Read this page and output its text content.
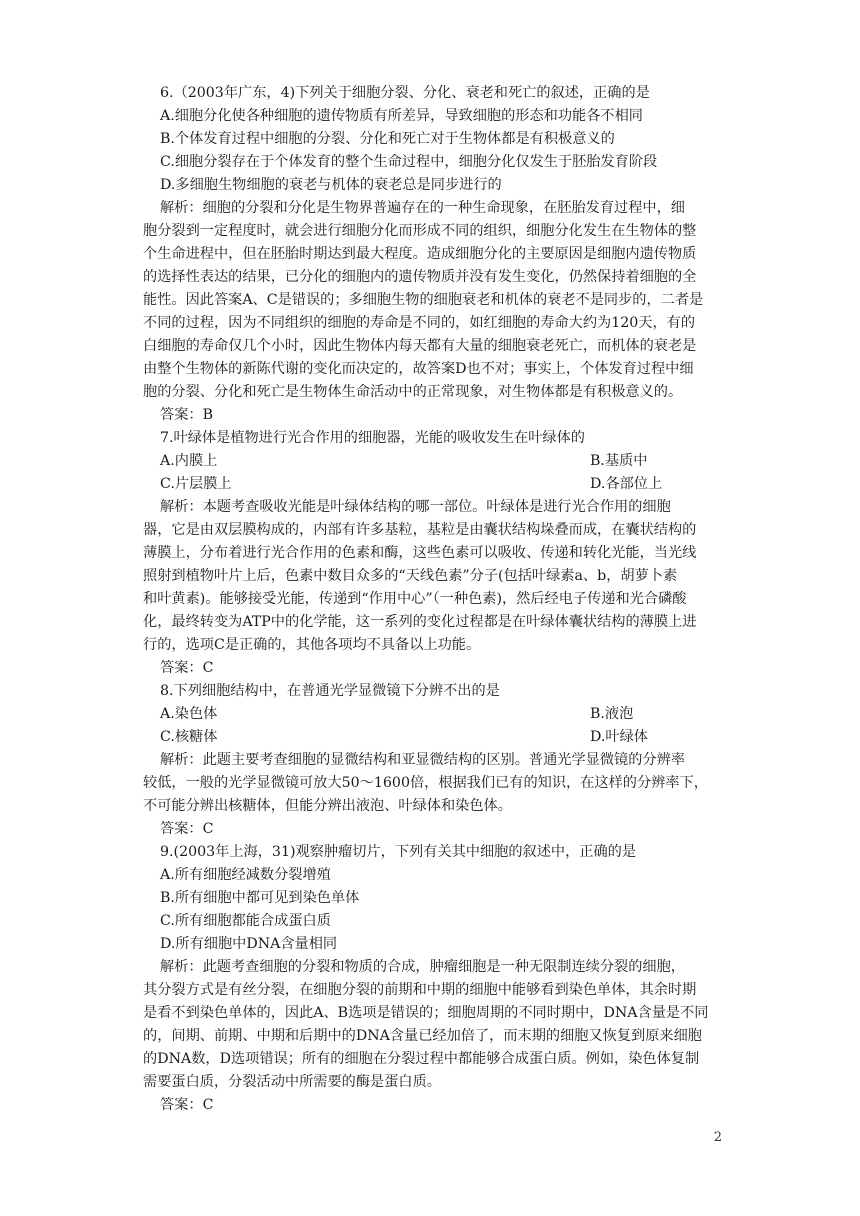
6.（2003年广东，4)下列关于细胞分裂、分化、衰老和死亡的叙述，正确的是
A.细胞分化使各种细胞的遗传物质有所差异，导致细胞的形态和功能各不相同
B.个体发育过程中细胞的分裂、分化和死亡对于生物体都是有积极意义的
C.细胞分裂存在于个体发育的整个生命过程中，细胞分化仅发生于胚胎发育阶段
D.多细胞生物细胞的衰老与机体的衰老总是同步进行的
解析：细胞的分裂和分化是生物界普遍存在的一种生命现象，在胚胎发育过程中，细
胞分裂到一定程度时，就会进行细胞分化而形成不同的组织，细胞分化发生在生物体的整
个生命进程中，但在胚胎时期达到最大程度。造成细胞分化的主要原因是细胞内遗传物质
的选择性表达的结果，已分化的细胞内的遗传物质并没有发生变化，仍然保持着细胞的全
能性。因此答案A、C是错误的；多细胞生物的细胞衰老和机体的衰老不是同步的，二者是
不同的过程，因为不同组织的细胞的寿命是不同的，如红细胞的寿命大约为120天，有的
白细胞的寿命仅几个小时，因此生物体内每天都有大量的细胞衰老死亡，而机体的衰老是
由整个生物体的新陈代谢的变化而决定的，故答案D也不对；事实上，个体发育过程中细
胞的分裂、分化和死亡是生物体生命活动中的正常现象，对生物体都是有积极意义的。
答案：B
7.叶绿体是植物进行光合作用的细胞器，光能的吸收发生在叶绿体的
A.内膜上	B.基质中
C.片层膜上	D.各部位上
解析：本题考查吸收光能是叶绿体结构的哪一部位。叶绿体是进行光合作用的细胞
器，它是由双层膜构成的，内部有许多基粒，基粒是由囊状结构垛叠而成，在囊状结构的
薄膜上，分布着进行光合作用的色素和酶，这些色素可以吸收、传递和转化光能，当光线
照射到植物叶片上后，色素中数目众多的“天线色素”分子(包括叶绿素a、b，胡萝卜素
和叶黄素)。能够接受光能，传递到“作用中心”（一种色素)，然后经电子传递和光合磷酸
化，最终转变为ATP中的化学能，这一系列的变化过程都是在叶绿体囊状结构的薄膜上进
行的，选项C是正确的，其他各项均不具备以上功能。
答案：C
8.下列细胞结构中，在普通光学显微镜下分辨不出的是
A.染色体	B.液泡
C.核糖体	D.叶绿体
解析：此题主要考查细胞的显微结构和亚显微结构的区别。普通光学显微镜的分辨率
较低，一般的光学显微镜可放大50～1600倍，根据我们已有的知识，在这样的分辨率下，
不可能分辨出核糖体，但能分辨出液泡、叶绿体和染色体。
答案：C
9.(2003年上海，31)观察肿瘤切片，下列有关其中细胞的叙述中，正确的是
A.所有细胞经减数分裂增殖
B.所有细胞中都可见到染色单体
C.所有细胞都能合成蛋白质
D.所有细胞中DNA含量相同
解析：此题考查细胞的分裂和物质的合成，肿瘤细胞是一种无限制连续分裂的细胞，
其分裂方式是有丝分裂，在细胞分裂的前期和中期的细胞中能够看到染色单体，其余时期
是看不到染色单体的，因此A、B选项是错误的；细胞周期的不同时期中，DNA含量是不同
的，间期、前期、中期和后期中的DNA含量已经加倍了，而末期的细胞又恢复到原来细胞
的DNA数，D选项错误；所有的细胞在分裂过程中都能够合成蛋白质。例如，染色体复制
需要蛋白质，分裂活动中所需要的酶是蛋白质。
答案：C
2
